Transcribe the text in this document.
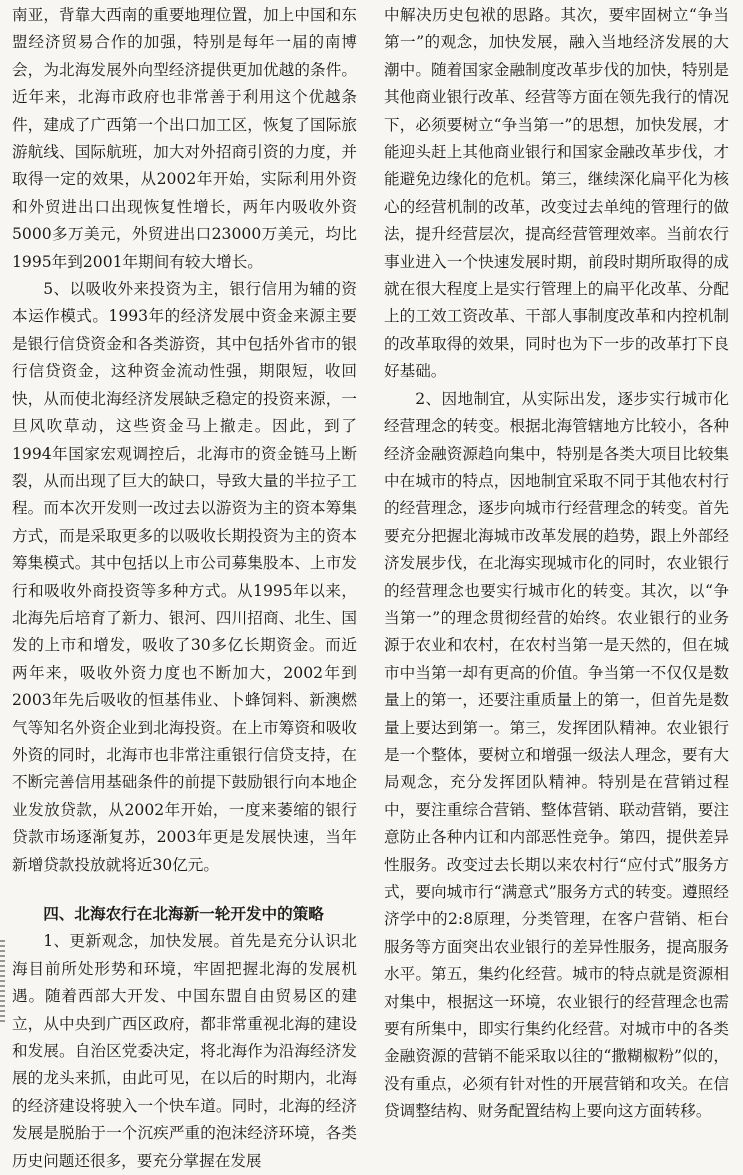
南亚，背靠大西南的重要地理位置，加上中国和东盟经济贸易合作的加强，特别是每年一届的南博会，为北海发展外向型经济提供更加优越的条件。近年来，北海市政府也非常善于利用这个优越条件，建成了广西第一个出口加工区，恢复了国际旅游航线、国际航班，加大对外招商引资的力度，并取得一定的效果，从2002年开始，实际利用外资和外贸进出口出现恢复性增长，两年内吸收外资5000多万美元，外贸进出口23000万美元，均比1995年到2001年期间有较大增长。

5、以吸收外来投资为主，银行信用为辅的资本运作模式。1993年的经济发展中资金来源主要是银行信贷资金和各类游资，其中包括外省市的银行信贷资金，这种资金流动性强，期限短，收回快，从而使北海经济发展缺乏稳定的投资来源，一旦风吹草动，这些资金马上撤走。因此，到了1994年国家宏观调控后，北海市的资金链马上断裂，从而出现了巨大的缺口，导致大量的半拉子工程。而本次开发则一改过去以游资为主的资本筹集方式，而是采取更多的以吸收长期投资为主的资本筹集模式。其中包括以上市公司募集股本、上市发行和吸收外商投资等多种方式。从1995年以来，北海先后培育了新力、银河、四川招商、北生、国发的上市和增发，吸收了30多亿长期资金。而近两年来，吸收外资力度也不断加大，2002年到2003年先后吸收的恒基伟业、卜蜂饲料、新澳燃气等知名外资企业到北海投资。在上市筹资和吸收外资的同时，北海市也非常注重银行信贷支持，在不断完善信用基础条件的前提下鼓励银行向本地企业发放贷款，从2002年开始，一度来萎缩的银行贷款市场逐渐复苏，2003年更是发展快速，当年新增贷款投放就将近30亿元。

四、北海农行在北海新一轮开发中的策略

1、更新观念，加快发展。首先是充分认识北海目前所处形势和环境，牢固把握北海的发展机遇。随着西部大开发、中国东盟自由贸易区的建立，从中央到广西区政府，都非常重视北海的建设和发展。自治区党委决定，将北海作为沿海经济发展的龙头来抓，由此可见，在以后的时期内，北海的经济建设将驶入一个快车道。同时，北海的经济发展是脱胎于一个沉疾严重的泡沫经济环境，各类历史问题还很多，要充分掌握在发展

中解决历史包袱的思路。其次，要牢固树立“争当第一”的观念，加快发展，融入当地经济发展的大潮中。随着国家金融制度改革步伐的加快，特别是其他商业银行改革、经营等方面在领先我行的情况下，必须要树立“争当第一”的思想，加快发展，才能迎头赶上其他商业银行和国家金融改革步伐，才能避免边缘化的危机。第三，继续深化扁平化为核心的经营机制的改革，改变过去单纯的管理行的做法，提升经营层次，提高经营管理效率。当前农行事业进入一个快速发展时期，前段时期所取得的成就在很大程度上是实行管理上的扁平化改革、分配上的工效工资改革、干部人事制度改革和内控机制的改革取得的效果，同时也为下一步的改革打下良好基础。

2、因地制宜，从实际出发，逐步实行城市化经营理念的转变。根据北海管辖地方比较小，各种经济金融资源趋向集中，特别是各类大项目比较集中在城市的特点，因地制宜采取不同于其他农村行的经营理念，逐步向城市行经营理念的转变。首先要充分把握北海城市改革发展的趋势，跟上外部经济发展步伐，在北海实现城市化的同时，农业银行的经营理念也要实行城市化的转变。其次，以“争当第一”的理念贯彻经营的始终。农业银行的业务源于农业和农村，在农村当第一是天然的，但在城市中当第一却有更高的价值。争当第一不仅仅是数量上的第一，还要注重质量上的第一，但首先是数量上要达到第一。第三，发挥团队精神。农业银行是一个整体，要树立和增强一级法人理念，要有大局观念，充分发挥团队精神。特别是在营销过程中，要注重综合营销、整体营销、联动营销，要注意防止各种内讧和内部恶性竞争。第四，提供差异性服务。改变过去长期以来农村行“应付式”服务方式，要向城市行“满意式”服务方式的转变。遵照经济学中的2:8原理，分类管理，在客户营销、柜台服务等方面突出农业银行的差异性服务，提高服务水平。第五，集约化经营。城市的特点就是资源相对集中，根据这一环境，农业银行的经营理念也需要有所集中，即实行集约化经营。对城市中的各类金融资源的营销不能采取以往的“撒糊椒粉”似的，没有重点，必须有针对性的开展营销和攻关。在信贷调整结构、财务配置结构上要向这方面转移。
